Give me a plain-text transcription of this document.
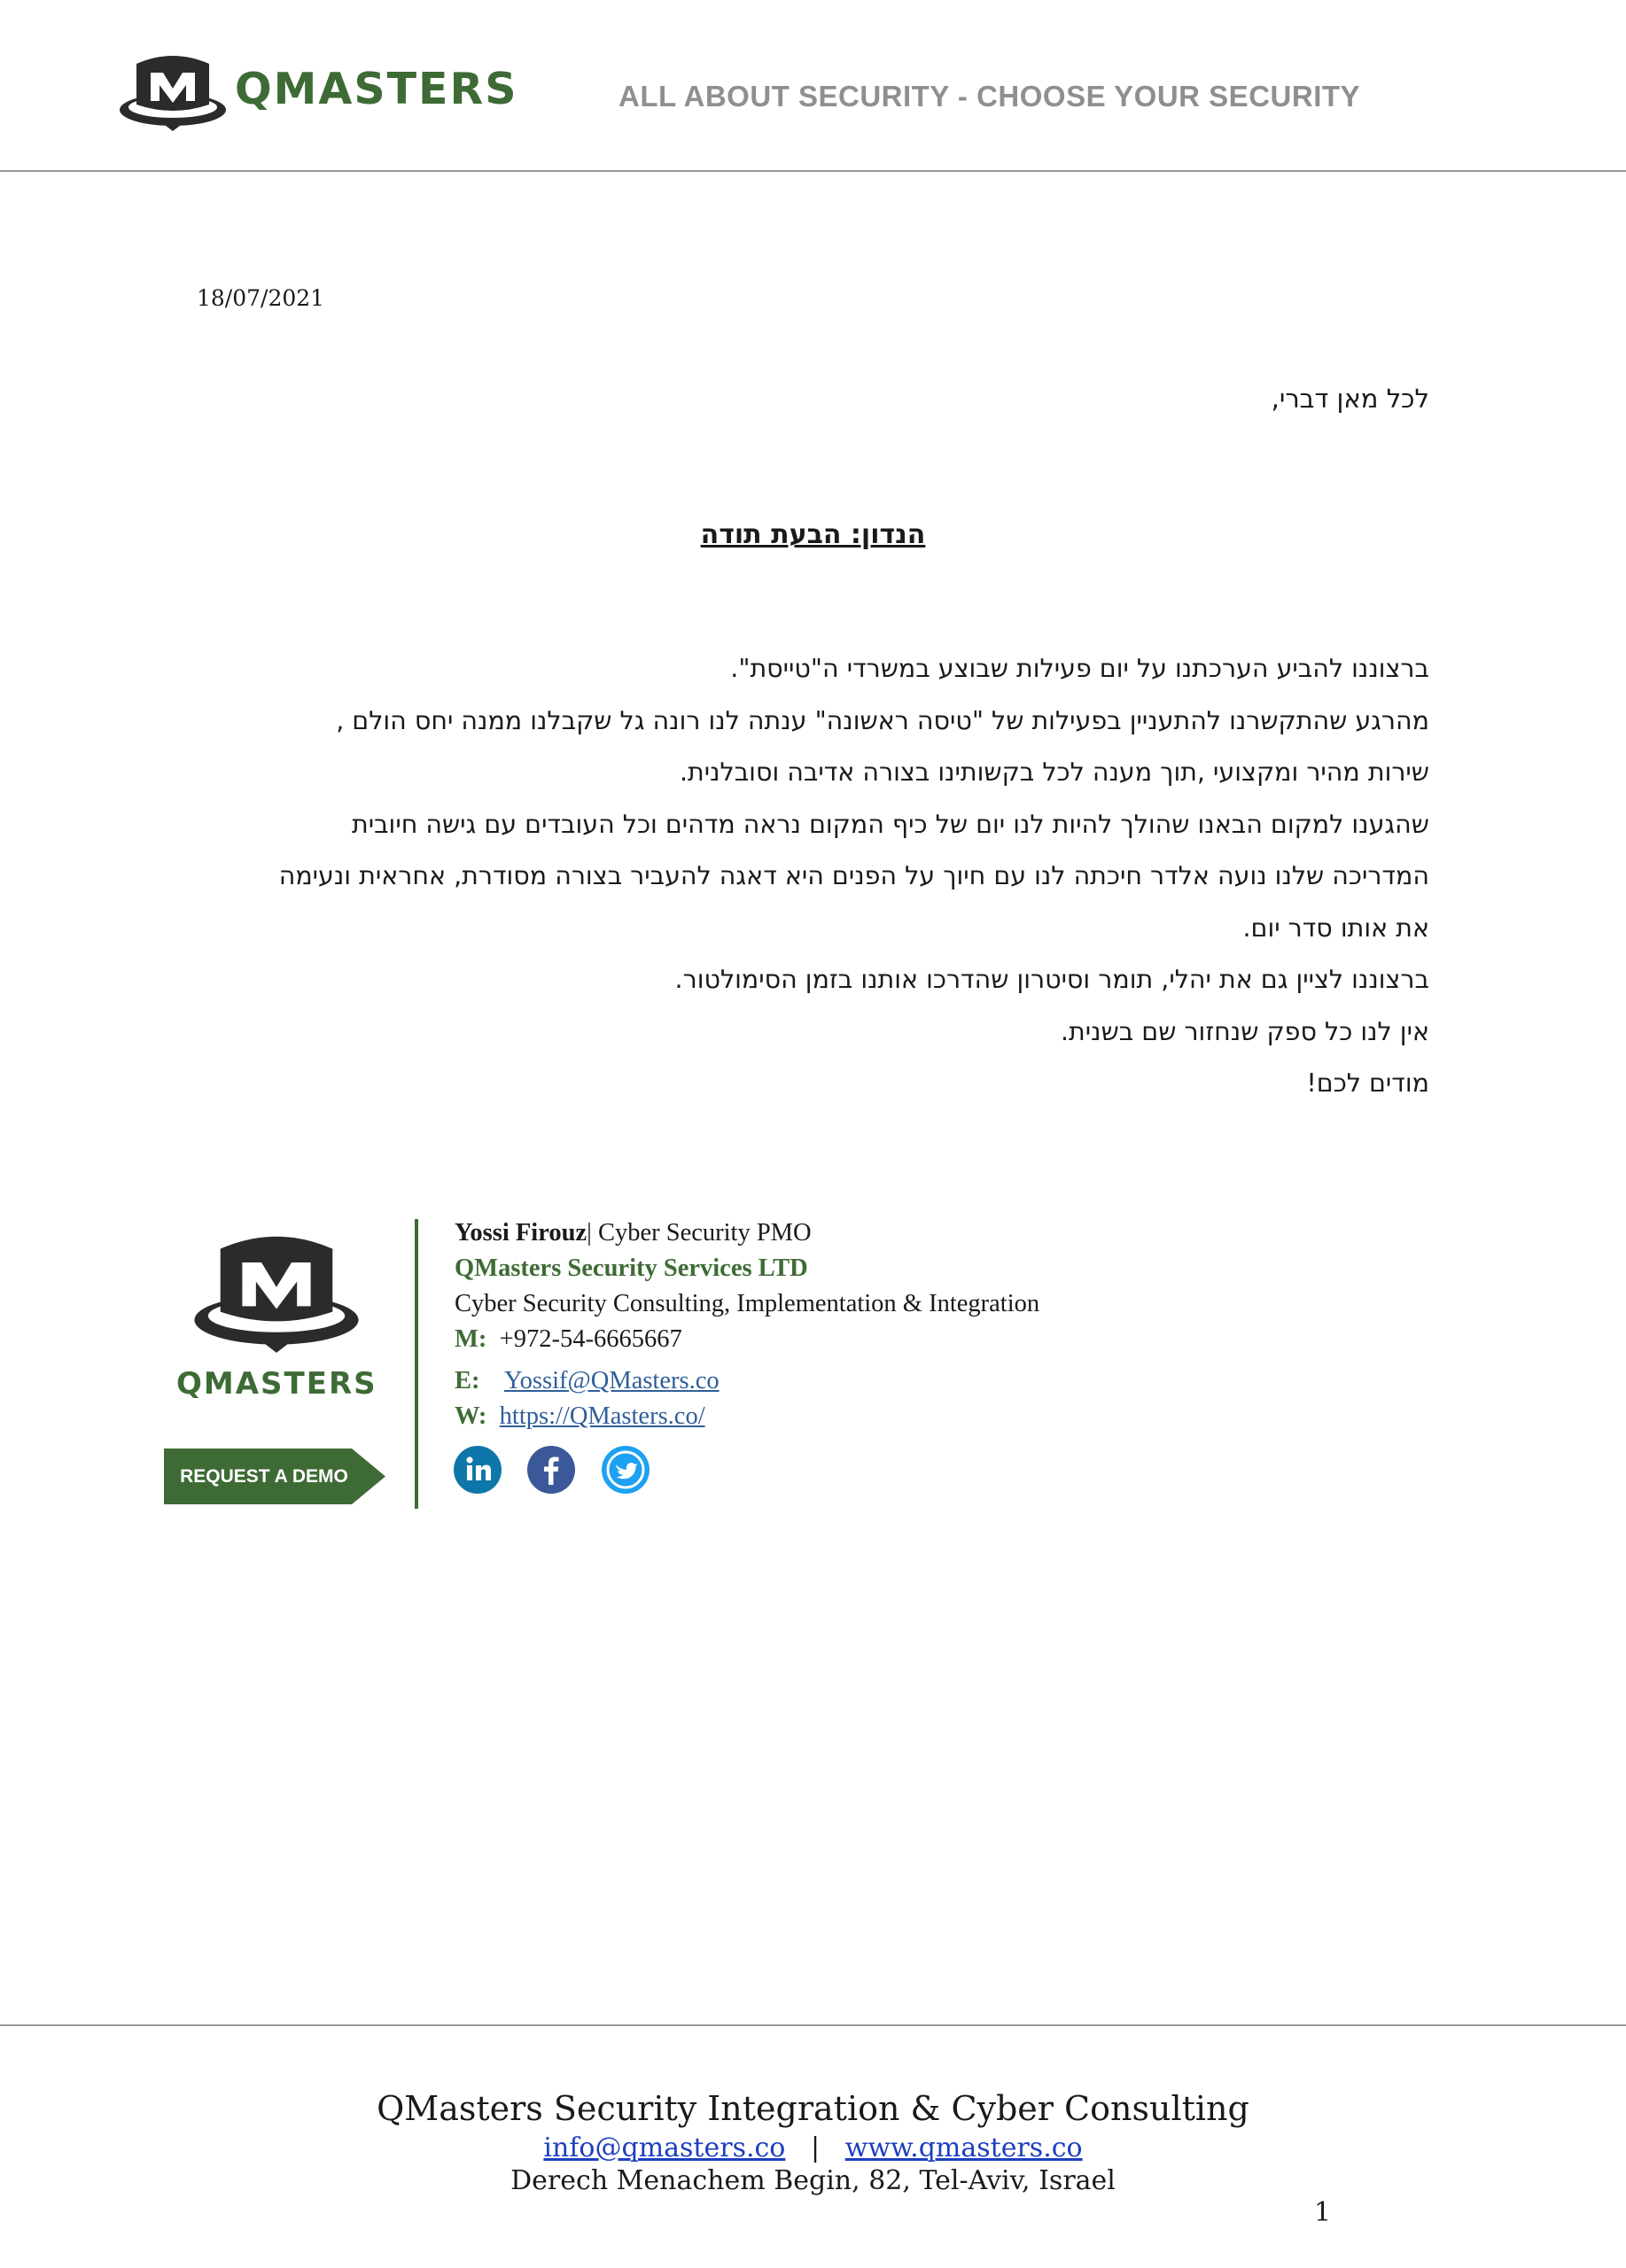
QMASTERS	ALL ABOUT SECURITY - CHOOSE YOUR SECURITY
18/07/2021
לכל מאן דברי,
הנדון: הבעת תודה
ברצוננו להביע הערכתנו על יום פעילות שבוצע במשרדי ה"טייסת".
מהרגע שהתקשרנו להתעניין בפעילות של "טיסה ראשונה" ענתה לנו רונה גל שקבלנו ממנה יחס הולם ,
שירות מהיר ומקצועי ,תוך מענה לכל בקשותינו בצורה אדיבה וסובלנית.
שהגענו למקום הבאנו שהולך להיות לנו יום של כיף המקום נראה מדהים וכל העובדים עם גישה חיובית
המדריכה שלנו נועה אלדר חיכתה לנו עם חיוך על הפנים היא דאגה להעביר בצורה מסודרת, אחראית ונעימה
את אותו סדר יום.
ברצוננו לציין גם את יהלי, תומר וסיטרון שהדרכו אותנו בזמן הסימולטור.
אין לנו כל ספק שנחזור שם בשנית.
מודים לכם!
QMASTERS
REQUEST A DEMO
Yossi Firouz| Cyber Security PMO
QMasters Security Services LTD
Cyber Security Consulting, Implementation & Integration
M: +972-54-6665667
E: Yossif@QMasters.co
W: https://QMasters.co/
QMasters Security Integration & Cyber Consulting
info@qmasters.co | www.qmasters.co
Derech Menachem Begin, 82, Tel-Aviv, Israel
1
